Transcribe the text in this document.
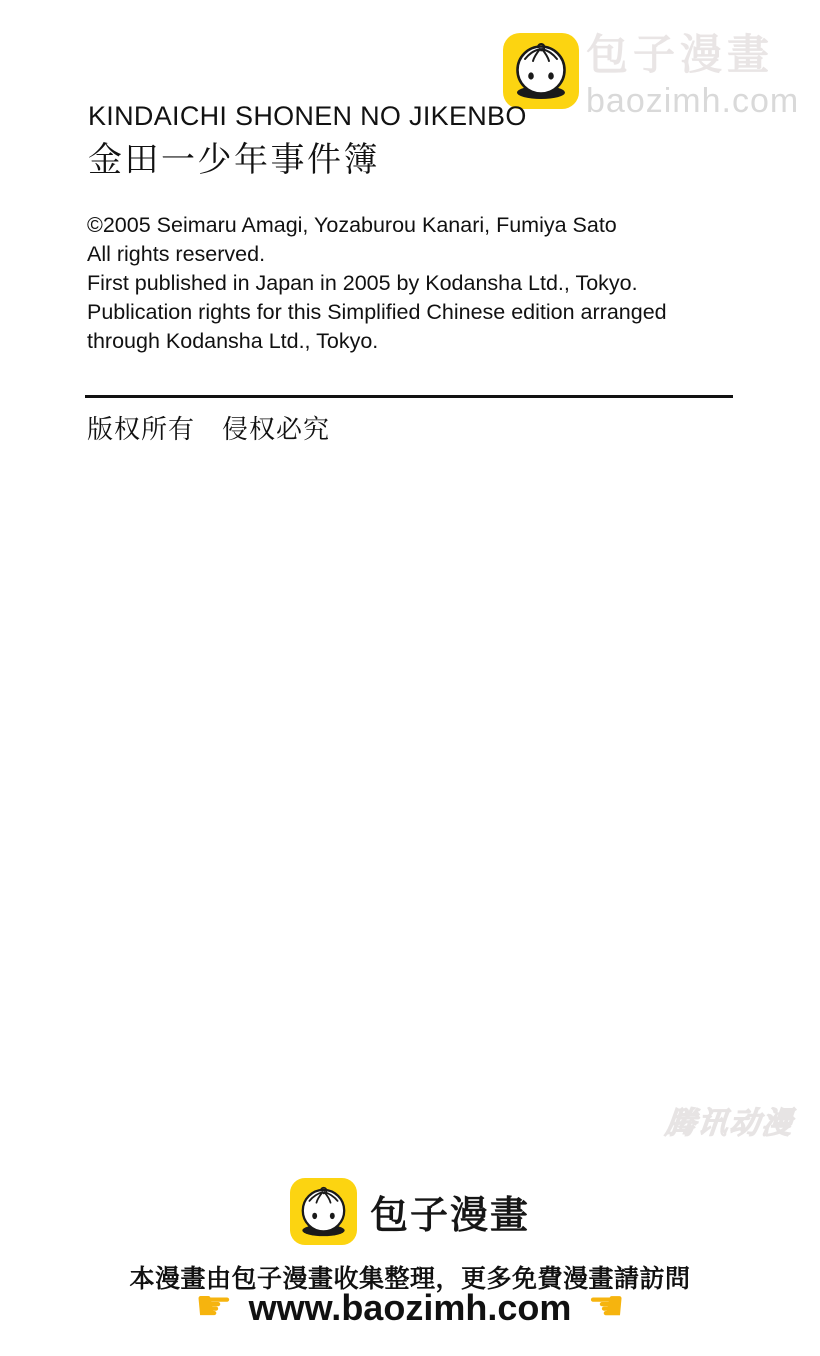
包子漫畫
baozimh.com
KINDAICHI SHONEN NO JIKENBO
金田一少年事件簿
©2005 Seimaru Amagi, Yozaburou Kanari, Fumiya Sato
All rights reserved.
First published in Japan in 2005 by Kodansha Ltd., Tokyo.
Publication rights for this Simplified Chinese edition arranged
through Kodansha Ltd., Tokyo.
版权所有　侵权必究
腾讯动漫
包子漫畫
本漫畫由包子漫畫收集整理，更多免費漫畫請訪問
☛ www.baozimh.com ☚
